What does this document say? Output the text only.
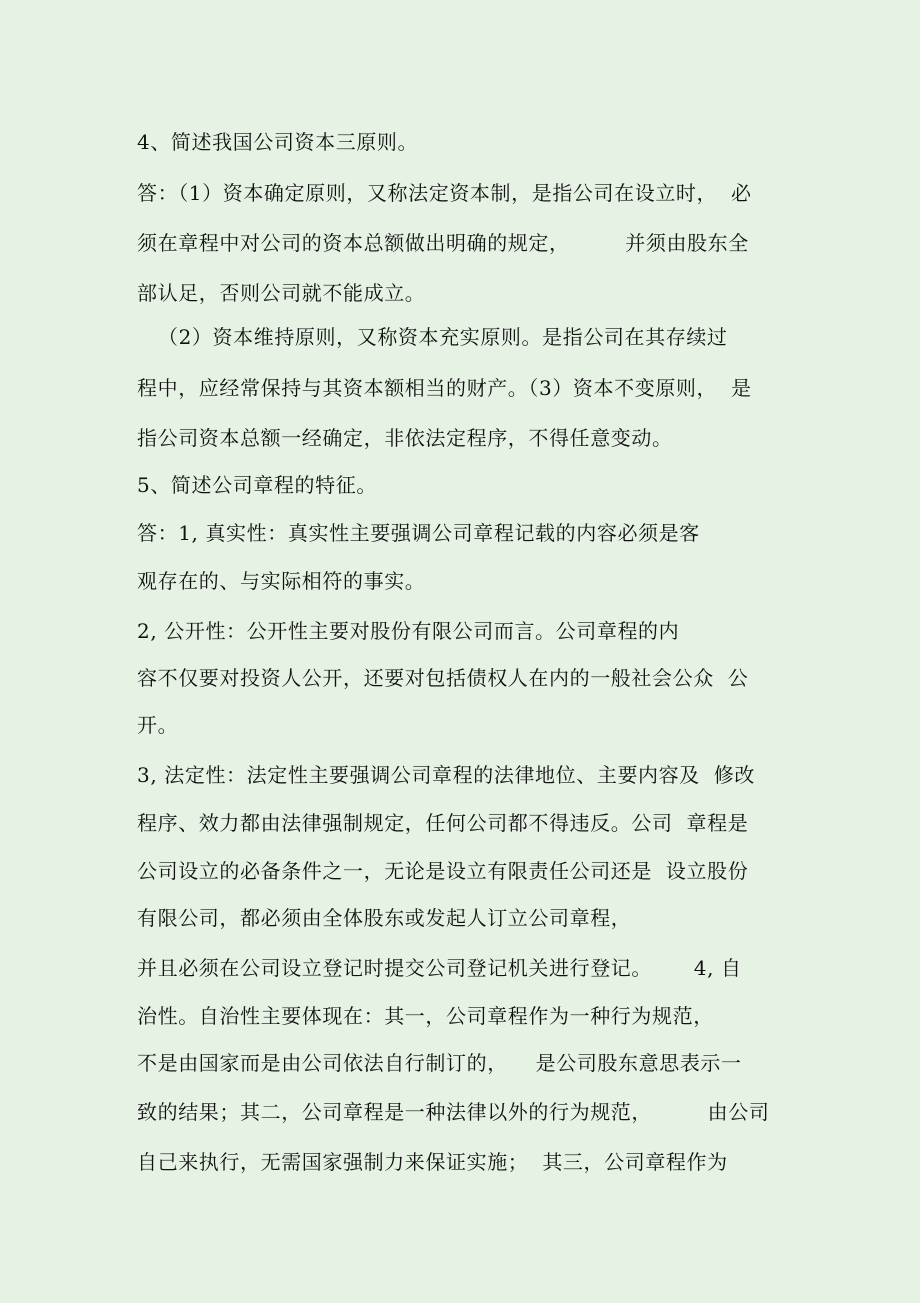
4、简述我国公司资本三原则。
答：（1）资本确定原则，又称法定资本制，是指公司在设立时，  必
须在章程中对公司的资本总额做出明确的规定，        并须由股东全
部认足，否则公司就不能成立。
（2）资本维持原则，又称资本充实原则。是指公司在其存续过
程中，应经常保持与其资本额相当的财产。（3）资本不变原则，  是
指公司资本总额一经确定，非依法定程序，不得任意变动。
5、简述公司章程的特征。
答：1, 真实性：真实性主要强调公司章程记载的内容必须是客
观存在的、与实际相符的事实。
2, 公开性：公开性主要对股份有限公司而言。公司章程的内
容不仅要对投资人公开，还要对包括债权人在内的一般社会公众  公
开。
3, 法定性：法定性主要强调公司章程的法律地位、主要内容及  修改
程序、效力都由法律强制规定，任何公司都不得违反。公司  章程是
公司设立的必备条件之一，无论是设立有限责任公司还是  设立股份
有限公司，都必须由全体股东或发起人订立公司章程，
并且必须在公司设立登记时提交公司登记机关进行登记。      4, 自
治性。自治性主要体现在：其一，公司章程作为一种行为规范，
不是由国家而是由公司依法自行制订的，    是公司股东意思表示一
致的结果；其二，公司章程是一种法律以外的行为规范，        由公司
自己来执行，无需国家强制力来保证实施；  其三，公司章程作为
